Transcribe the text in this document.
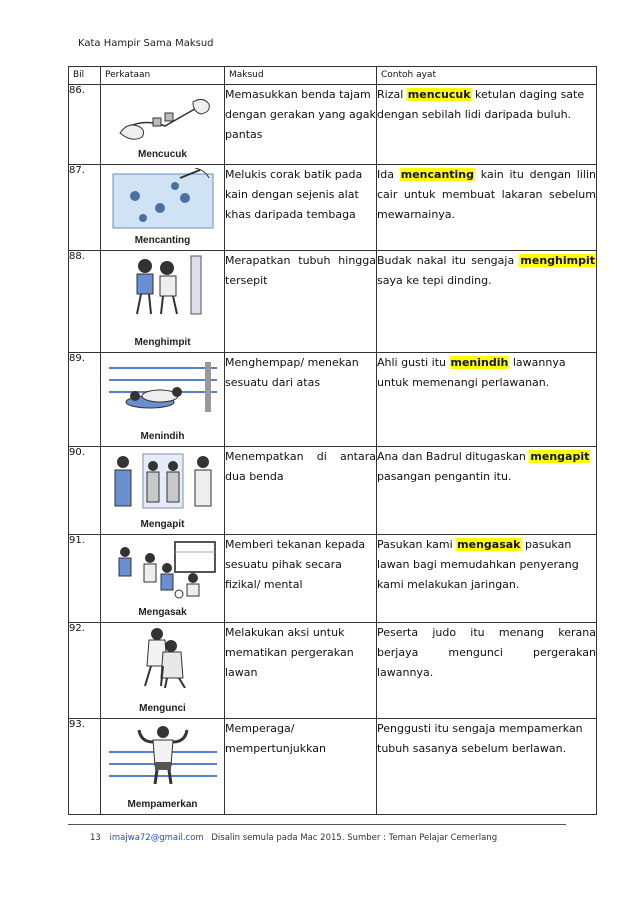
Kata Hampir Sama Maksud
Bil	Perkataan	Maksud	Contoh ayat
86.	Mencucuk	Memasukkan benda tajam dengan gerakan yang agak pantas	Rizal mencucuk ketulan daging sate dengan sebilah lidi daripada buluh.
87.	Mencanting	Melukis corak batik pada kain dengan sejenis alat khas daripada tembaga	Ida mencanting kain itu dengan lilin cair untuk membuat lakaran sebelum mewarnainya.
88.	Menghimpit	Merapatkan tubuh hingga tersepit	Budak nakal itu sengaja menghimpit saya ke tepi dinding.
89.	Menindih	Menghempap/ menekan sesuatu dari atas	Ahli gusti itu menindih lawannya untuk memenangi perlawanan.
90.	Mengapit	Menempatkan di antara dua benda	Ana dan Badrul ditugaskan mengapit pasangan pengantin itu.
91.	Mengasak	Memberi tekanan kepada sesuatu pihak secara fizikal/ mental	Pasukan kami mengasak pasukan lawan bagi memudahkan penyerang kami melakukan jaringan.
92.	Mengunci	Melakukan aksi untuk mematikan pergerakan lawan	Peserta judo itu menang kerana berjaya mengunci pergerakan lawannya.
93.	Mempamerkan	Memperaga/ mempertunjukkan	Penggusti itu sengaja mempamerkan tubuh sasanya sebelum berlawan.
13 imajwa72@gmail.com Disalin semula pada Mac 2015. Sumber : Teman Pelajar Cemerlang
